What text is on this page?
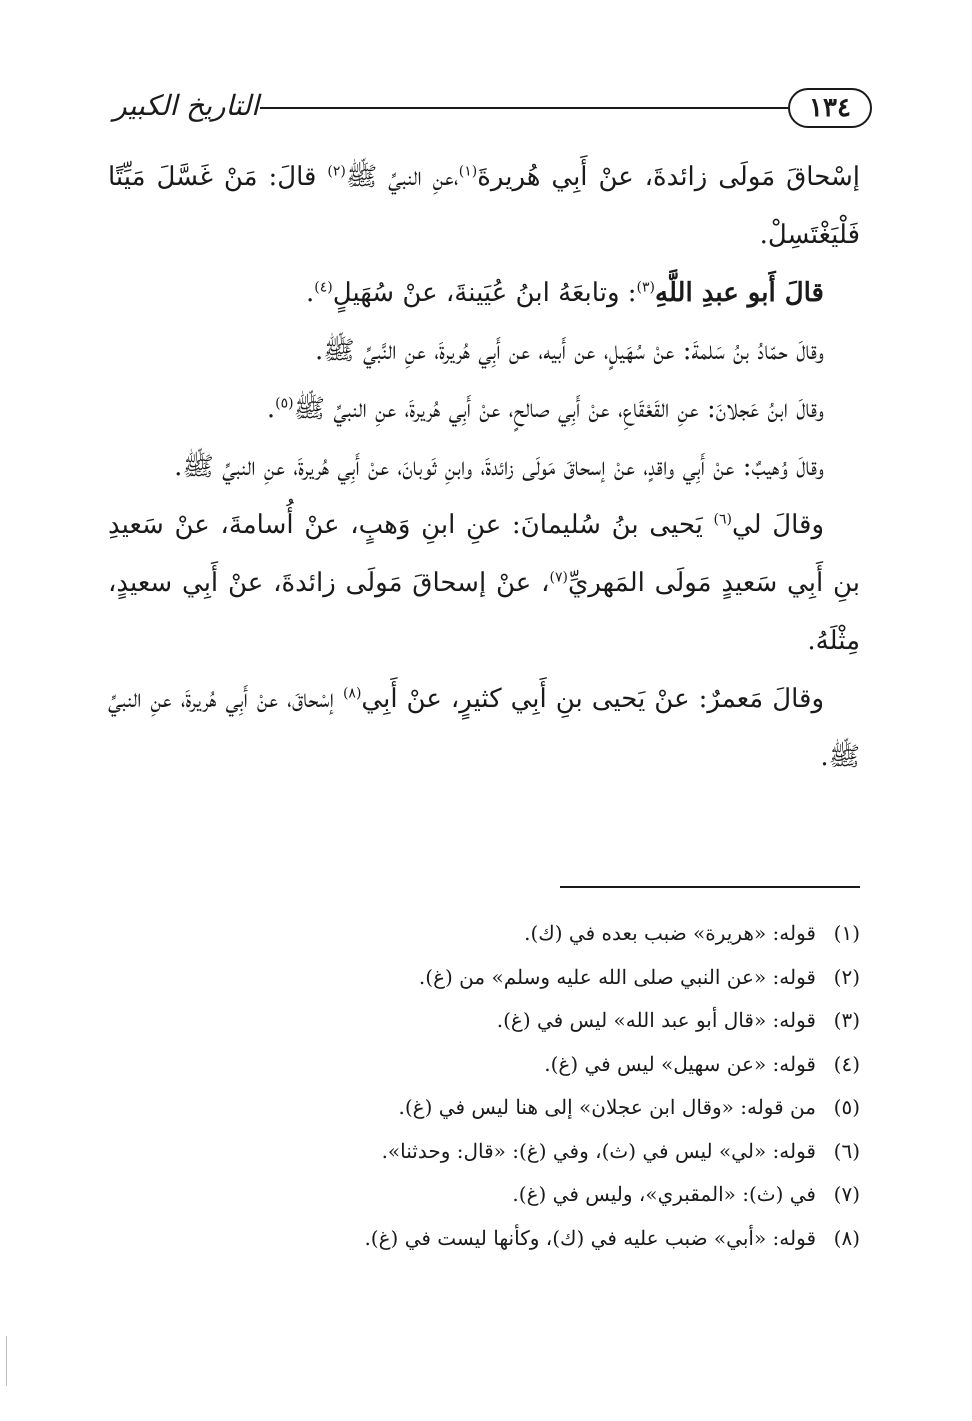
١٣٤
التاريخ الكبير

إسْحاقَ مَولَى زائدةَ، عنْ أَبِي هُريرةَ$^{(١)}$،عنِ النبيِّ ﷺ$^{(٢)}$ قالَ: مَنْ غَسَّلَ مَيِّتًا فَلْيَغْتَسِلْ.

قالَ أَبو عبدِ اللَّهِ$^{(٣)}$: وتابعَهُ ابنُ عُيَينةَ، عنْ سُهَيلٍ$^{(٤)}$.

وقالَ حمّادُ بنُ سَلمةَ: عنْ سُهَيلٍ، عن أَبيه، عن أَبِي هُريرةَ، عنِ النَّبيِّ ﷺ.

وقالَ ابنُ عَجلانَ: عنِ القَعْقَاعِ، عنْ أَبِي صالحٍ، عنْ أَبِي هُريرةَ، عنِ النبيِّ ﷺ$^{(٥)}$.

وقالَ وُهيبٌ: عنْ أَبِي واقدٍ، عنْ إسحاقَ مَولَى زائدةَ، وابنِ ثَوبانَ، عنْ أَبِي هُريرةَ، عنِ النبيِّ ﷺ.

وقالَ لي$^{(٦)}$ يَحيى بنُ سُليمانَ: عنِ ابنِ وَهبٍ، عنْ أُسامةَ، عنْ سَعيدِ بنِ أَبِي سَعيدٍ مَولَى المَهريِّ$^{(٧)}$، عنْ إسحاقَ مَولَى زائدةَ، عنْ أَبِي سعيدٍ، مِثْلَهُ.

وقالَ مَعمرٌ: عنْ يَحيى بنِ أَبِي كثيرٍ، عنْ أَبِي$^{(٨)}$ إسْحاقَ، عنْ أَبِي هُريرةَ، عنِ النبيِّ ﷺ.

(١)
قوله: «هريرة» ضبب بعده في (ك).
(٢)
قوله: «عن النبي صلى الله عليه وسلم» من (غ).
(٣)
قوله: «قال أبو عبد الله» ليس في (غ).
(٤)
قوله: «عن سهيل» ليس في (غ).
(٥)
من قوله: «وقال ابن عجلان» إلى هنا ليس في (غ).
(٦)
قوله: «لي» ليس في (ث)، وفي (غ): «قال: وحدثنا».
(٧)
في (ث): «المقبري»، وليس في (غ).
(٨)
قوله: «أبي» ضبب عليه في (ك)، وكأنها ليست في (غ).
